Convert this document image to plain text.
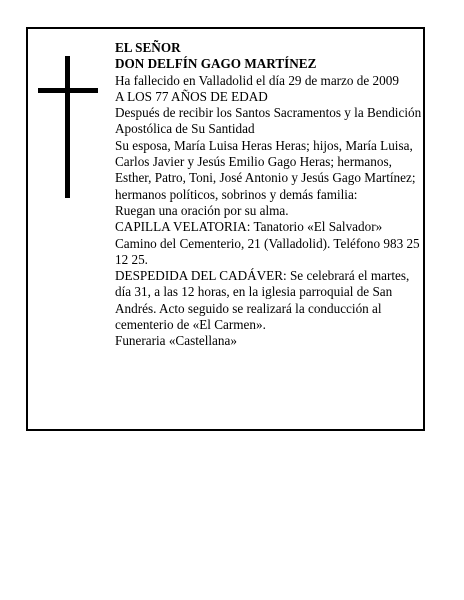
EL SEÑOR

DON DELFÍN GAGO MARTÍNEZ

Ha fallecido en Valladolid el día 29 de marzo de 2009

A LOS 77 AÑOS DE EDAD

Después de recibir los Santos Sacramentos y la Bendición Apostólica de Su Santidad

Su esposa, María Luisa Heras Heras; hijos, María Luisa, Carlos Javier y Jesús Emilio Gago Heras; hermanos, Esther, Patro, Toni, José Antonio y Jesús Gago Martínez; hermanos políticos, sobrinos y demás familia:

Ruegan una oración por su alma.

CAPILLA VELATORIA: Tanatorio «El Salvador» Camino del Cementerio, 21 (Valladolid). Teléfono 983 25 12 25.

DESPEDIDA DEL CADÁVER: Se celebrará el martes, día 31, a las 12 horas, en la iglesia parroquial de San Andrés. Acto seguido se realizará la conducción al cementerio de «El Carmen».

Funeraria «Castellana»
